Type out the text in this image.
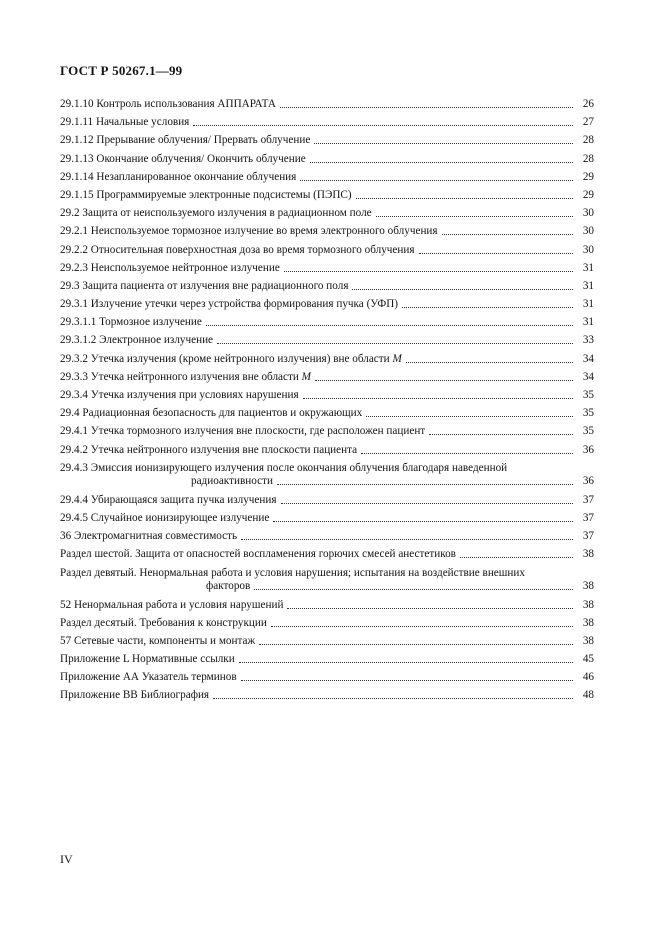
ГОСТ Р 50267.1—99
29.1.10 Контроль использования АППАРАТА	26
29.1.11 Начальные условия	27
29.1.12 Прерывание облучения/ Прервать облучение	28
29.1.13 Окончание облучения/ Окончить облучение	28
29.1.14 Незапланированное окончание облучения	29
29.1.15 Программируемые электронные подсистемы (ПЭПС)	29
29.2 Защита от неиспользуемого излучения в радиационном поле	30
29.2.1 Неиспользуемое тормозное излучение во время электронного облучения	30
29.2.2 Относительная поверхностная доза во время тормозного облучения	30
29.2.3 Неиспользуемое нейтронное излучение	31
29.3 Защита пациента от излучения вне радиационного поля	31
29.3.1 Излучение утечки через устройства формирования пучка (УФП)	31
29.3.1.1 Тормозное излучение	31
29.3.1.2 Электронное излучение	33
29.3.2 Утечка излучения (кроме нейтронного излучения) вне области M	34
29.3.3 Утечка нейтронного излучения вне области M	34
29.3.4 Утечка излучения при условиях нарушения	35
29.4 Радиационная безопасность для пациентов и окружающих	35
29.4.1 Утечка тормозного излучения вне плоскости, где расположен пациент	35
29.4.2 Утечка нейтронного излучения вне плоскости пациента	36
29.4.3 Эмиссия ионизирующего излучения после окончания облучения благодаря наведенной
радиоактивности	36
29.4.4 Убирающаяся защита пучка излучения	37
29.4.5 Случайное ионизирующее излучение	37
36 Электромагнитная совместимость	37
Раздел шестой. Защита от опасностей воспламенения горючих смесей анестетиков	38
Раздел девятый. Ненормальная работа и условия нарушения; испытания на воздействие внешних
факторов	38
52 Ненормальная работа и условия нарушений	38
Раздел десятый. Требования к конструкции	38
57 Сетевые части, компоненты и монтаж	38
Приложение L Нормативные ссылки	45
Приложение АА Указатель терминов	46
Приложение ВВ Библиография	48
IV
